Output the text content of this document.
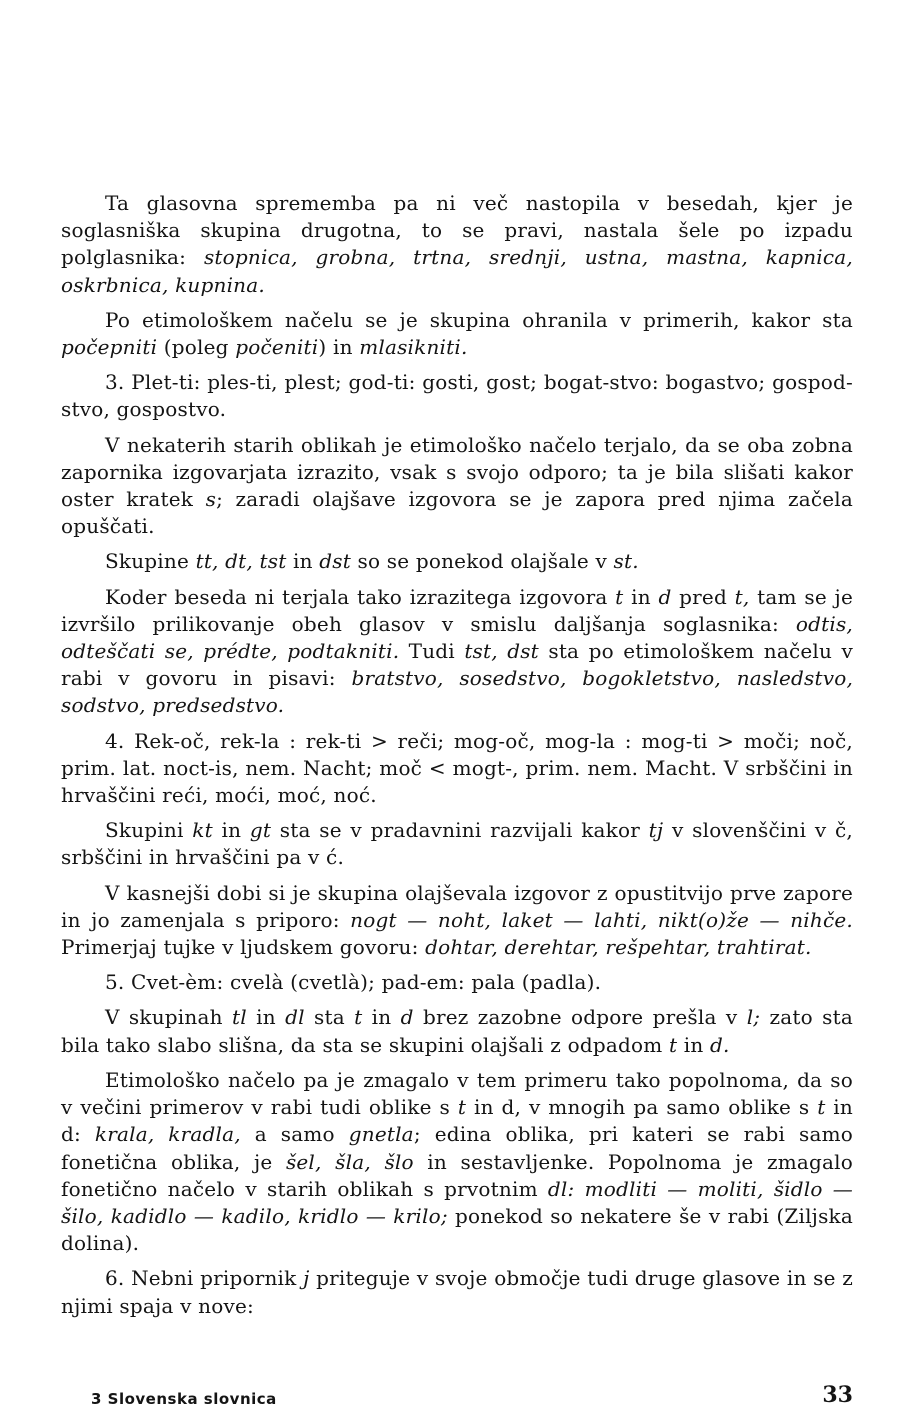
Ta glasovna sprememba pa ni več nastopila v besedah, kjer je soglasniška skupina drugotna, to se pravi, nastala šele po izpadu polglasnika: stopnica, grobna, trtna, srednji, ustna, mastna, kapnica, oskrbnica, kupnina.

Po etimološkem načelu se je skupina ohranila v primerih, kakor sta počepniti (poleg počeniti) in mlasikniti.

3. Plet-ti: ples-ti, plest; god-ti: gosti, gost; bogat-stvo: bogastvo; gospod-stvo, gospostvo.

V nekaterih starih oblikah je etimološko načelo terjalo, da se oba zobna zapornika izgovarjata izrazito, vsak s svojo odporo; ta je bila slišati kakor oster kratek s; zaradi olajšave izgovora se je zapora pred njima začela opuščati.

Skupine tt, dt, tst in dst so se ponekod olajšale v st.

Koder beseda ni terjala tako izrazitega izgovora t in d pred t, tam se je izvršilo prilikovanje obeh glasov v smislu daljšanja soglasnika: odtis, odteščati se, prédte, podtakniti. Tudi tst, dst sta po etimološkem načelu v rabi v govoru in pisavi: bratstvo, sosedstvo, bogokletstvo, nasledstvo, sodstvo, predsedstvo.

4. Rek-oč, rek-la : rek-ti > reči; mog-oč, mog-la : mog-ti > moči; noč, prim. lat. noct-is, nem. Nacht; moč < mogt-, prim. nem. Macht. V srbščini in hrvaščini reći, moći, moć, noć.

Skupini kt in gt sta se v pradavnini razvijali kakor tj v slovenščini v č, srbščini in hrvaščini pa v ć.

V kasnejši dobi si je skupina olajševala izgovor z opustitvijo prve zapore in jo zamenjala s priporo: nogt — noht, laket — lahti, nikt(o)že — nihče. Primerjaj tujke v ljudskem govoru: dohtar, derehtar, rešpehtar, trahtirat.

5. Cvet-èm: cvelà (cvetlà); pad-em: pala (padla).

V skupinah tl in dl sta t in d brez zazobne odpore prešla v l; zato sta bila tako slabo slišna, da sta se skupini olajšali z odpadom t in d.

Etimološko načelo pa je zmagalo v tem primeru tako popolnoma, da so v večini primerov v rabi tudi oblike s t in d, v mnogih pa samo oblike s t in d: krala, kradla, a samo gnetla; edina oblika, pri kateri se rabi samo fonetična oblika, je šel, šla, šlo in sestavljenke. Popolnoma je zmagalo fonetično načelo v starih oblikah s prvotnim dl: modliti — moliti, šidlo — šilo, kadidlo — kadilo, kridlo — krilo; ponekod so nekatere še v rabi (Ziljska dolina).

6. Nebni pripornik j priteguje v svoje območje tudi druge glasove in se z njimi spaja v nove:

3 Slovenska slovnica	33
